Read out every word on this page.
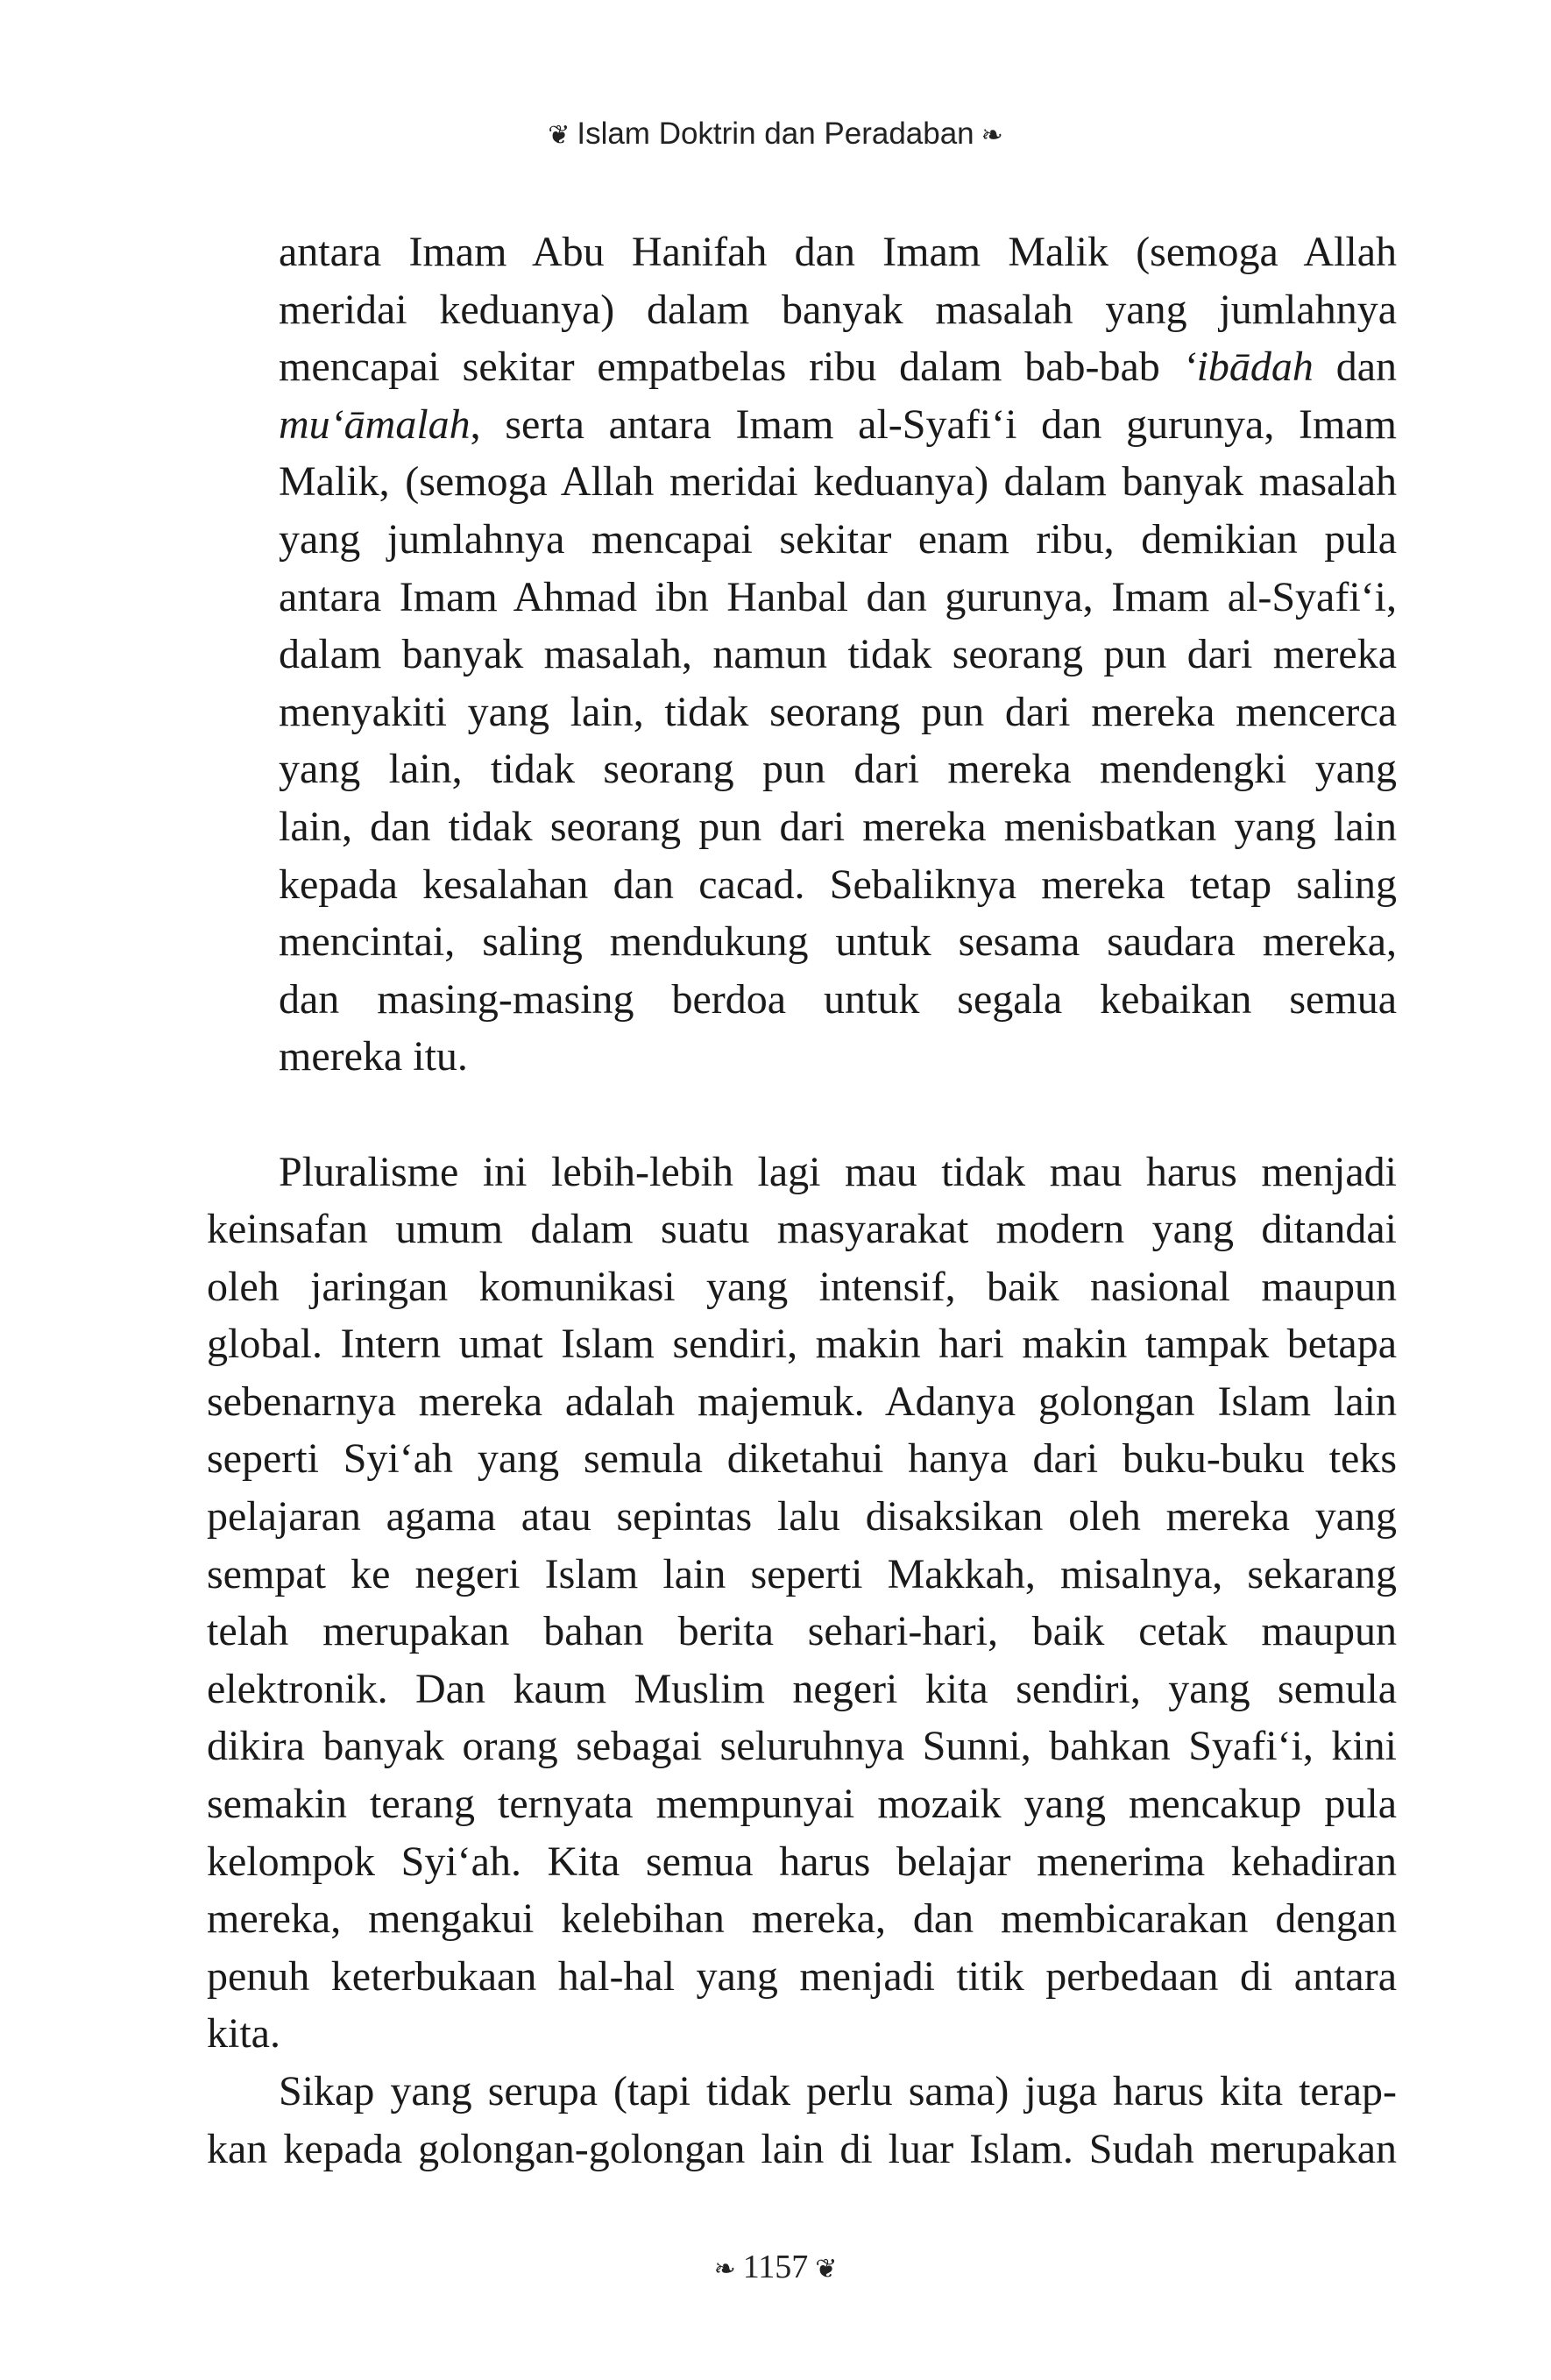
❦ Islam Doktrin dan Peradaban ❧
antara Imam Abu Hanifah dan Imam Malik (semoga Allah
meridai keduanya) dalam banyak masalah yang jumlahnya
mencapai sekitar empatbelas ribu dalam bab-bab ‘ibādah dan
mu‘āmalah, serta antara Imam al-Syafi‘i dan gurunya, Imam
Malik, (semoga Allah meridai keduanya) dalam banyak masalah
yang jumlahnya mencapai sekitar enam ribu, demikian pula
antara Imam Ahmad ibn Hanbal dan gurunya, Imam al-Syafi‘i,
dalam banyak masalah, namun tidak seorang pun dari mereka
menyakiti yang lain, tidak seorang pun dari mereka mencerca
yang lain, tidak seorang pun dari mereka mendengki yang
lain, dan tidak seorang pun dari mereka menisbatkan yang lain
kepada kesalahan dan cacad. Sebaliknya mereka tetap saling
mencintai, saling mendukung untuk sesama saudara mereka,
dan masing-masing berdoa untuk segala kebaikan semua
mereka itu.
Pluralisme ini lebih-lebih lagi mau tidak mau harus menjadi
keinsafan umum dalam suatu masyarakat modern yang ditandai
oleh jaringan komunikasi yang intensif, baik nasional maupun
global. Intern umat Islam sendiri, makin hari makin tampak betapa
sebenarnya mereka adalah majemuk. Adanya golongan Islam lain
seperti Syi‘ah yang semula diketahui hanya dari buku-buku teks
pelajaran agama atau sepintas lalu disaksikan oleh mereka yang
sempat ke negeri Islam lain seperti Makkah, misalnya, sekarang
telah merupakan bahan berita sehari-hari, baik cetak maupun
elektronik. Dan kaum Muslim negeri kita sendiri, yang semula
dikira banyak orang sebagai seluruhnya Sunni, bahkan Syafi‘i, kini
semakin terang ternyata mempunyai mozaik yang mencakup pula
kelompok Syi‘ah. Kita semua harus belajar menerima kehadiran
mereka, mengakui kelebihan mereka, dan membicarakan dengan
penuh keterbukaan hal-hal yang menjadi titik perbedaan di antara
kita.
Sikap yang serupa (tapi tidak perlu sama) juga harus kita terap-
kan kepada golongan-golongan lain di luar Islam. Sudah merupakan
❧ 1157 ❦
